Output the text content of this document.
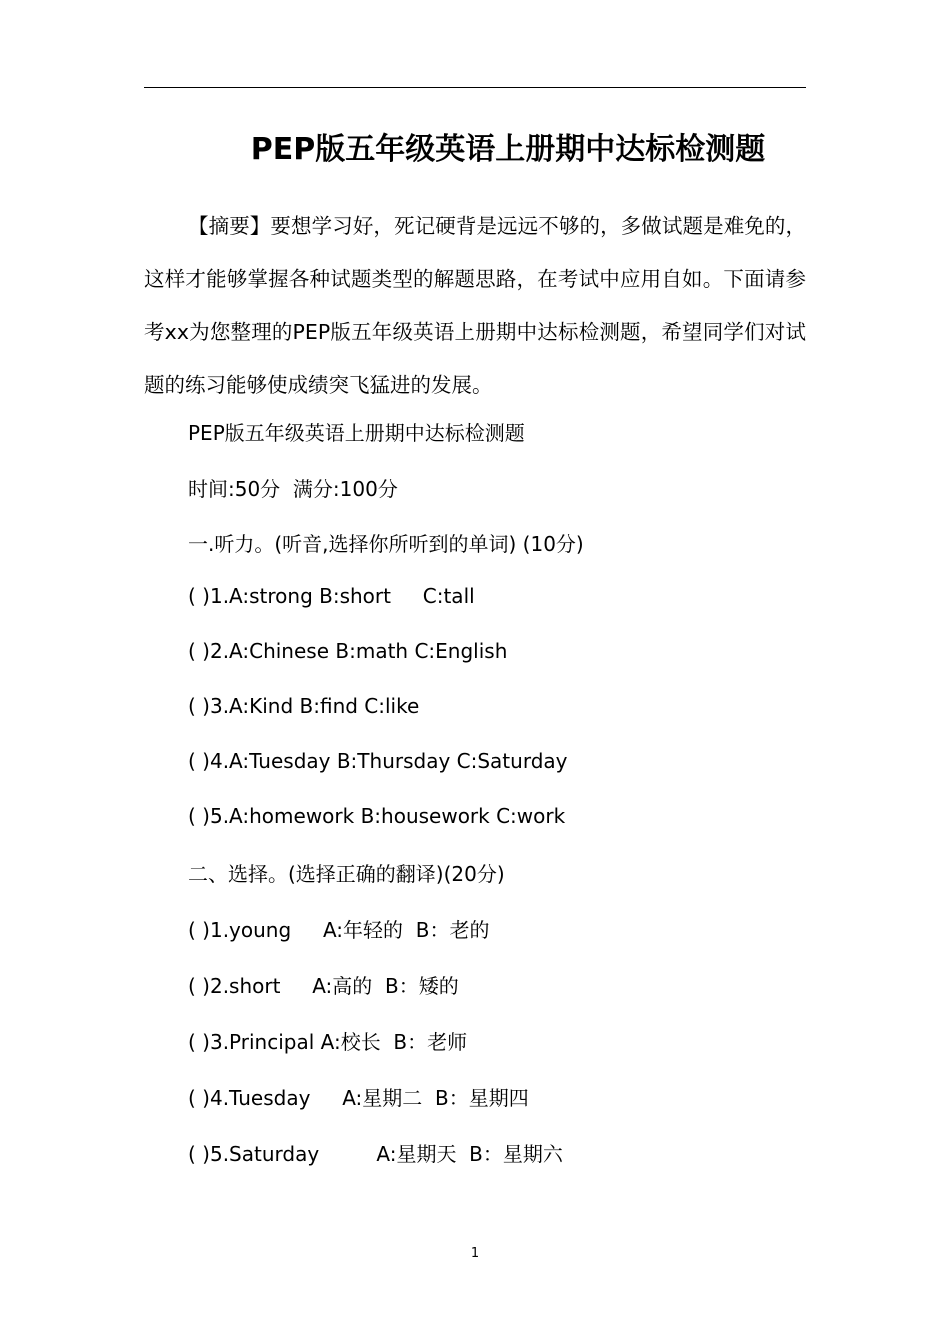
PEP版五年级英语上册期中达标检测题
【摘要】要想学习好，死记硬背是远远不够的，多做试题是难免的，这样才能够掌握各种试题类型的解题思路，在考试中应用自如。下面请参考xx为您整理的PEP版五年级英语上册期中达标检测题，希望同学们对试题的练习能够使成绩突飞猛进的发展。
PEP版五年级英语上册期中达标检测题
时间:50分  满分:100分
一.听力。(听音,选择你所听到的单词) (10分)
( )1.A:strong B:short     C:tall
( )2.A:Chinese B:math C:English
( )3.A:Kind B:find C:like
( )4.A:Tuesday B:Thursday C:Saturday
( )5.A:homework B:housework C:work
二、选择。(选择正确的翻译)(20分)
( )1.young     A:年轻的  B：老的
( )2.short     A:高的  B：矮的
( )3.Principal A:校长  B：老师
( )4.Tuesday     A:星期二  B：星期四
( )5.Saturday         A:星期天  B：星期六
1
